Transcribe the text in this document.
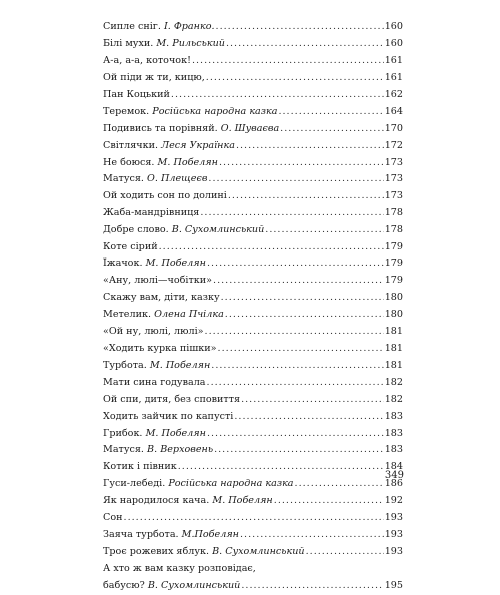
Сипле сніг. І. Франко. .....	160
Білі мухи. М. Рильський .....	160
А-а, а-а, коточок! .....	161
Ой піди ж ти, кицю, .....	161
Пан Коцький .....	162
Теремок. Російська народна казка .....	164
Подивись та порівняй. О. Шуваєва .....	170
Світлячки. Леся Українка .....	172
Не боюся. М. Побелян .....	173
Матуся. О. Плещеєв .....	173
Ой ходить сон по долині .....	173
Жаба-мандрівниця .....	178
Добре слово. В. Сухомлинський .....	178
Коте сірий .....	179
Їжачок. М. Побелян .....	179
«Ану, люлі—чобітки» .....	179
Скажу вам, діти, казку .....	180
Метелик. Олена Пчілка .....	180
«Ой ну, люлі, люлі» .....	181
«Ходить курка пішки» .....	181
Турбота. М. Побелян .....	181
Мати сина годувала .....	182
Ой спи, дитя, без сповиття .....	182
Ходить зайчик по капусті .....	183
Грибок. М. Побелян .....	183
Матуся. В. Верховень .....	183
Котик і півник .....	184
Гуси-лебеді. Російська народна казка .....	186
Як народилося кача. М. Побелян .....	192
Сон .....	193
Заяча турбота. М.Побелян .....	193
Троє рожевих яблук. В. Сухомлинський .....	193
А хто ж вам казку розповідає,
бабусю? В. Сухомлинський .....	195
349
